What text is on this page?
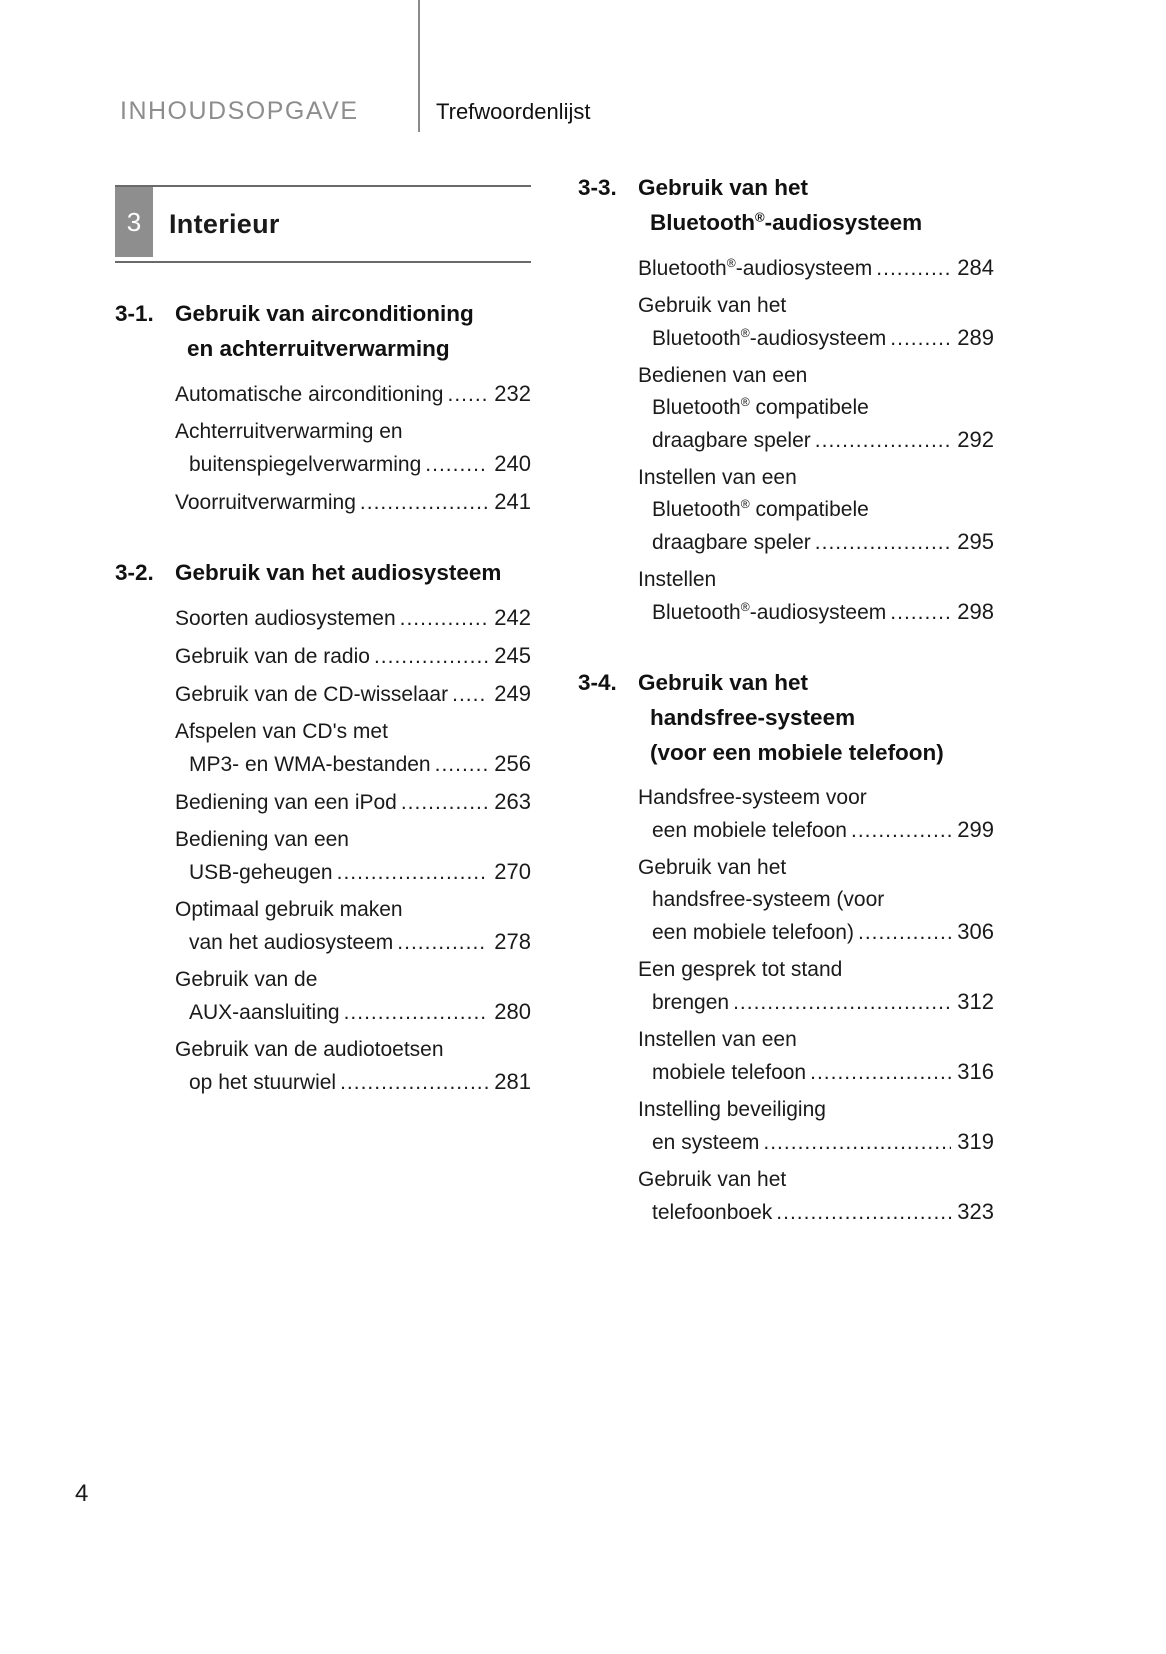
INHOUDSOPGAVE	Trefwoordenlijst
3	Interieur
3-1. Gebruik van airconditioning
en achterruitverwarming
Automatische airconditioning ..... 232
Achterruitverwarming en
buitenspiegelverwarming .....	240
Voorruitverwarming .....	241
3-2. Gebruik van het audiosysteem
Soorten audiosystemen .....	242
Gebruik van de radio .....	245
Gebruik van de CD-wisselaar ..... 249
Afspelen van CD's met
MP3- en WMA-bestanden .....	256
Bediening van een iPod .....	263
Bediening van een
USB-geheugen .....	270
Optimaal gebruik maken
van het audiosysteem .....	278
Gebruik van de
AUX-aansluiting .....	280
Gebruik van de audiotoetsen
op het stuurwiel .....	281
3-3. Gebruik van het
Bluetooth®-audiosysteem
Bluetooth®-audiosysteem .....	284
Gebruik van het
Bluetooth®-audiosysteem .....	289
Bedienen van een
Bluetooth® compatibele
draagbare speler .....	292
Instellen van een
Bluetooth® compatibele
draagbare speler .....	295
Instellen
Bluetooth®-audiosysteem .....	298
3-4. Gebruik van het
handsfree-systeem
(voor een mobiele telefoon)
Handsfree-systeem voor
een mobiele telefoon .....	299
Gebruik van het
handsfree-systeem (voor
een mobiele telefoon) .....	306
Een gesprek tot stand
brengen .....	312
Instellen van een
mobiele telefoon .....	316
Instelling beveiliging
en systeem .....	319
Gebruik van het
telefoonboek .....	323
4
